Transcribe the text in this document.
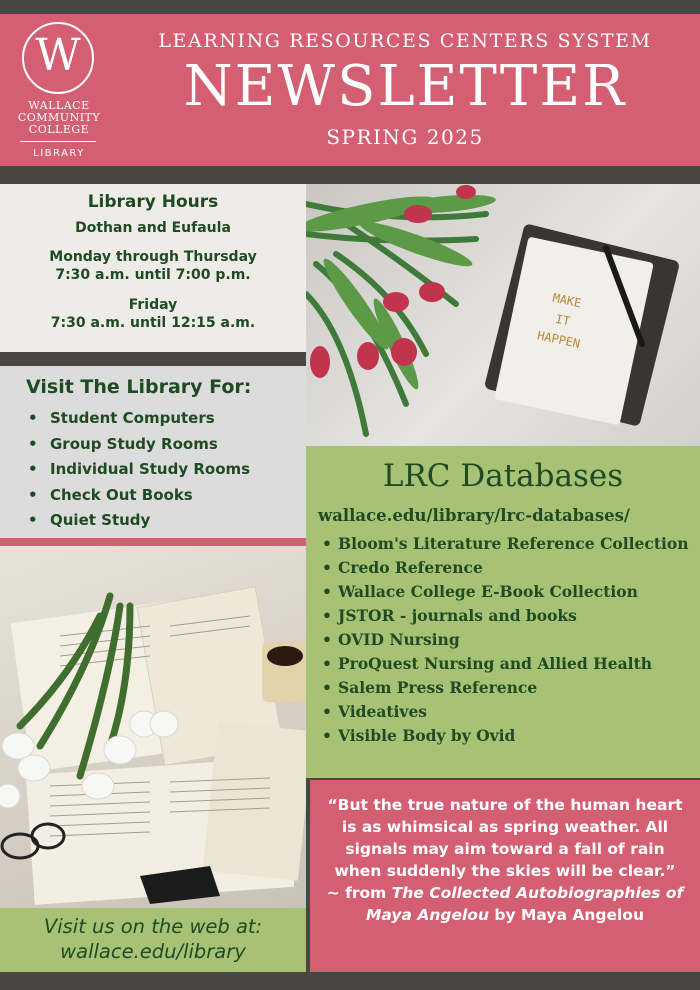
W
WALLACE
COMMUNITY
COLLEGE
LIBRARY
LEARNING RESOURCES CENTERS SYSTEM
NEWSLETTER
SPRING 2025
Library Hours
Dothan and Eufaula
Monday through Thursday
7:30 a.m. until 7:00 p.m.
Friday
7:30 a.m. until 12:15 a.m.
Visit The Library For:
• Student Computers
• Group Study Rooms
• Individual Study Rooms
• Check Out Books
• Quiet Study
MAKE
IT
HAPPEN
LRC Databases
wallace.edu/library/lrc-databases/
• Bloom's Literature Reference Collection
• Credo Reference
• Wallace College E-Book Collection
• JSTOR - journals and books
• OVID Nursing
• ProQuest Nursing and Allied Health
• Salem Press Reference
• Videatives
• Visible Body by Ovid
“But the true nature of the human heart is as whimsical as spring weather. All signals may aim toward a fall of rain when suddenly the skies will be clear.”
~ from The Collected Autobiographies of Maya Angelou by Maya Angelou
Visit us on the web at:
wallace.edu/library
